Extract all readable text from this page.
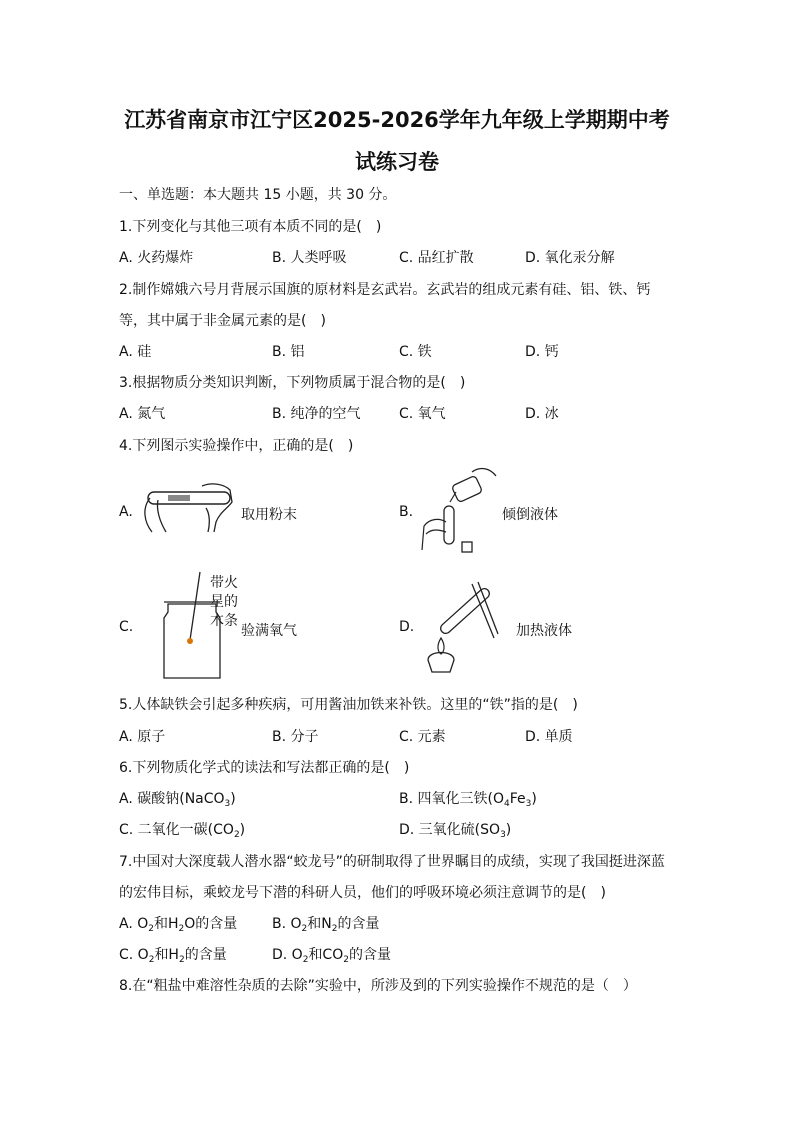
江苏省南京市江宁区2025-2026学年九年级上学期期中考
试练习卷
一、单选题：本大题共 15 小题，共 30 分。
1.下列变化与其他三项有本质不同的是(　)
A. 火药爆炸	B. 人类呼吸	C. 品红扩散	D. 氧化汞分解
2.制作嫦娥六号月背展示国旗的原材料是玄武岩。玄武岩的组成元素有硅、铝、铁、钙
等，其中属于非金属元素的是(　)
A. 硅	B. 铝	C. 铁	D. 钙
3.根据物质分类知识判断，下列物质属于混合物的是(　)
A. 氮气	B. 纯净的空气	C. 氧气	D. 冰
4.下列图示实验操作中，正确的是(　)
A.	取用粉末	B.	倾倒液体
C.
带火
星的
木条
验满氧气	D.	加热液体
5.人体缺铁会引起多种疾病，可用酱油加铁来补铁。这里的“铁”指的是(　)
A. 原子	B. 分子	C. 元素	D. 单质
6.下列物质化学式的读法和写法都正确的是(　)
A. 碳酸钠(NaCO$_3$)	B. 四氧化三铁$(O_4Fe_3)$
C. 二氧化一碳$(CO_2)$	D. 三氧化硫$(SO_3)$
7.中国对大深度载人潜水器“蛟龙号”的研制取得了世界瞩目的成绩，实现了我国挺进深蓝
的宏伟目标，乘蛟龙号下潜的科研人员，他们的呼吸环境必须注意调节的是(　)
A. $O_2$和$H_2O$的含量 B. $O_2$和$N_2$的含量
C. $O_2$和$H_2$的含量	D. $O_2$和$CO_2$的含量
8.在“粗盐中难溶性杂质的去除”实验中，所涉及到的下列实验操作不规范的是（　）
